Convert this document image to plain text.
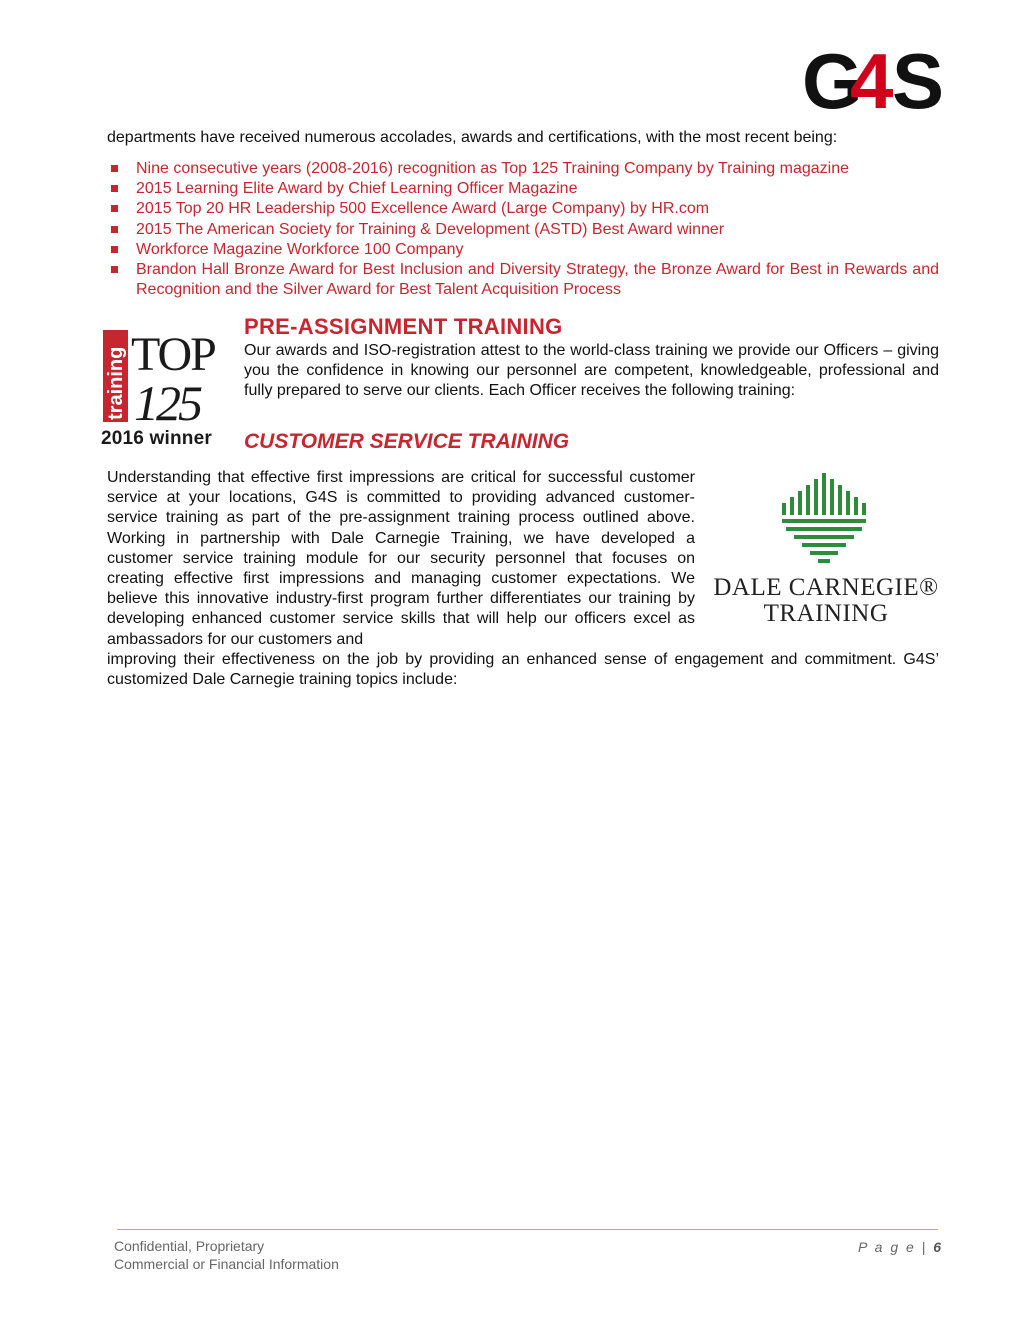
G
4 S

departments have received numerous accolades, awards and certifications, with the most recent being:

Nine consecutive years (2008-2016) recognition as Top 125 Training Company by Training magazine
2015 Learning Elite Award by Chief Learning Officer Magazine
2015 Top 20 HR Leadership 500 Excellence Award (Large Company) by HR.com
2015 The American Society for Training & Development (ASTD) Best Award winner
Workforce Magazine Workforce 100 Company
Brandon Hall Bronze Award for Best Inclusion and Diversity Strategy, the Bronze Award for Best in Rewards and Recognition and the Silver Award for Best Talent Acquisition Process
training TOP
125
2016 winner
PRE-ASSIGNMENT TRAINING

Our awards and ISO-registration attest to the world-class training we provide our Officers – giving you the confidence in knowing our personnel are competent, knowledgeable, professional and fully prepared to serve our clients. Each Officer receives the following training:

CUSTOMER SERVICE TRAINING

Understanding that effective first impressions are critical for successful customer service at your locations, G4S is committed to providing advanced customer-service training as part of the pre-assignment training process outlined above. Working in partnership with Dale Carnegie Training, we have developed a customer service training module for our security personnel that focuses on creating effective first impressions and managing customer expectations. We believe this innovative industry-first program further differentiates our training by developing enhanced customer service skills that will help our officers excel as ambassadors for our customers and

improving their effectiveness on the job by providing an enhanced sense of engagement and commitment. G4S’ customized Dale Carnegie training topics include:

DALE CARNEGIE®
TRAINING
Confidential, Proprietary
Commercial or Financial Information
P a g e | 6
